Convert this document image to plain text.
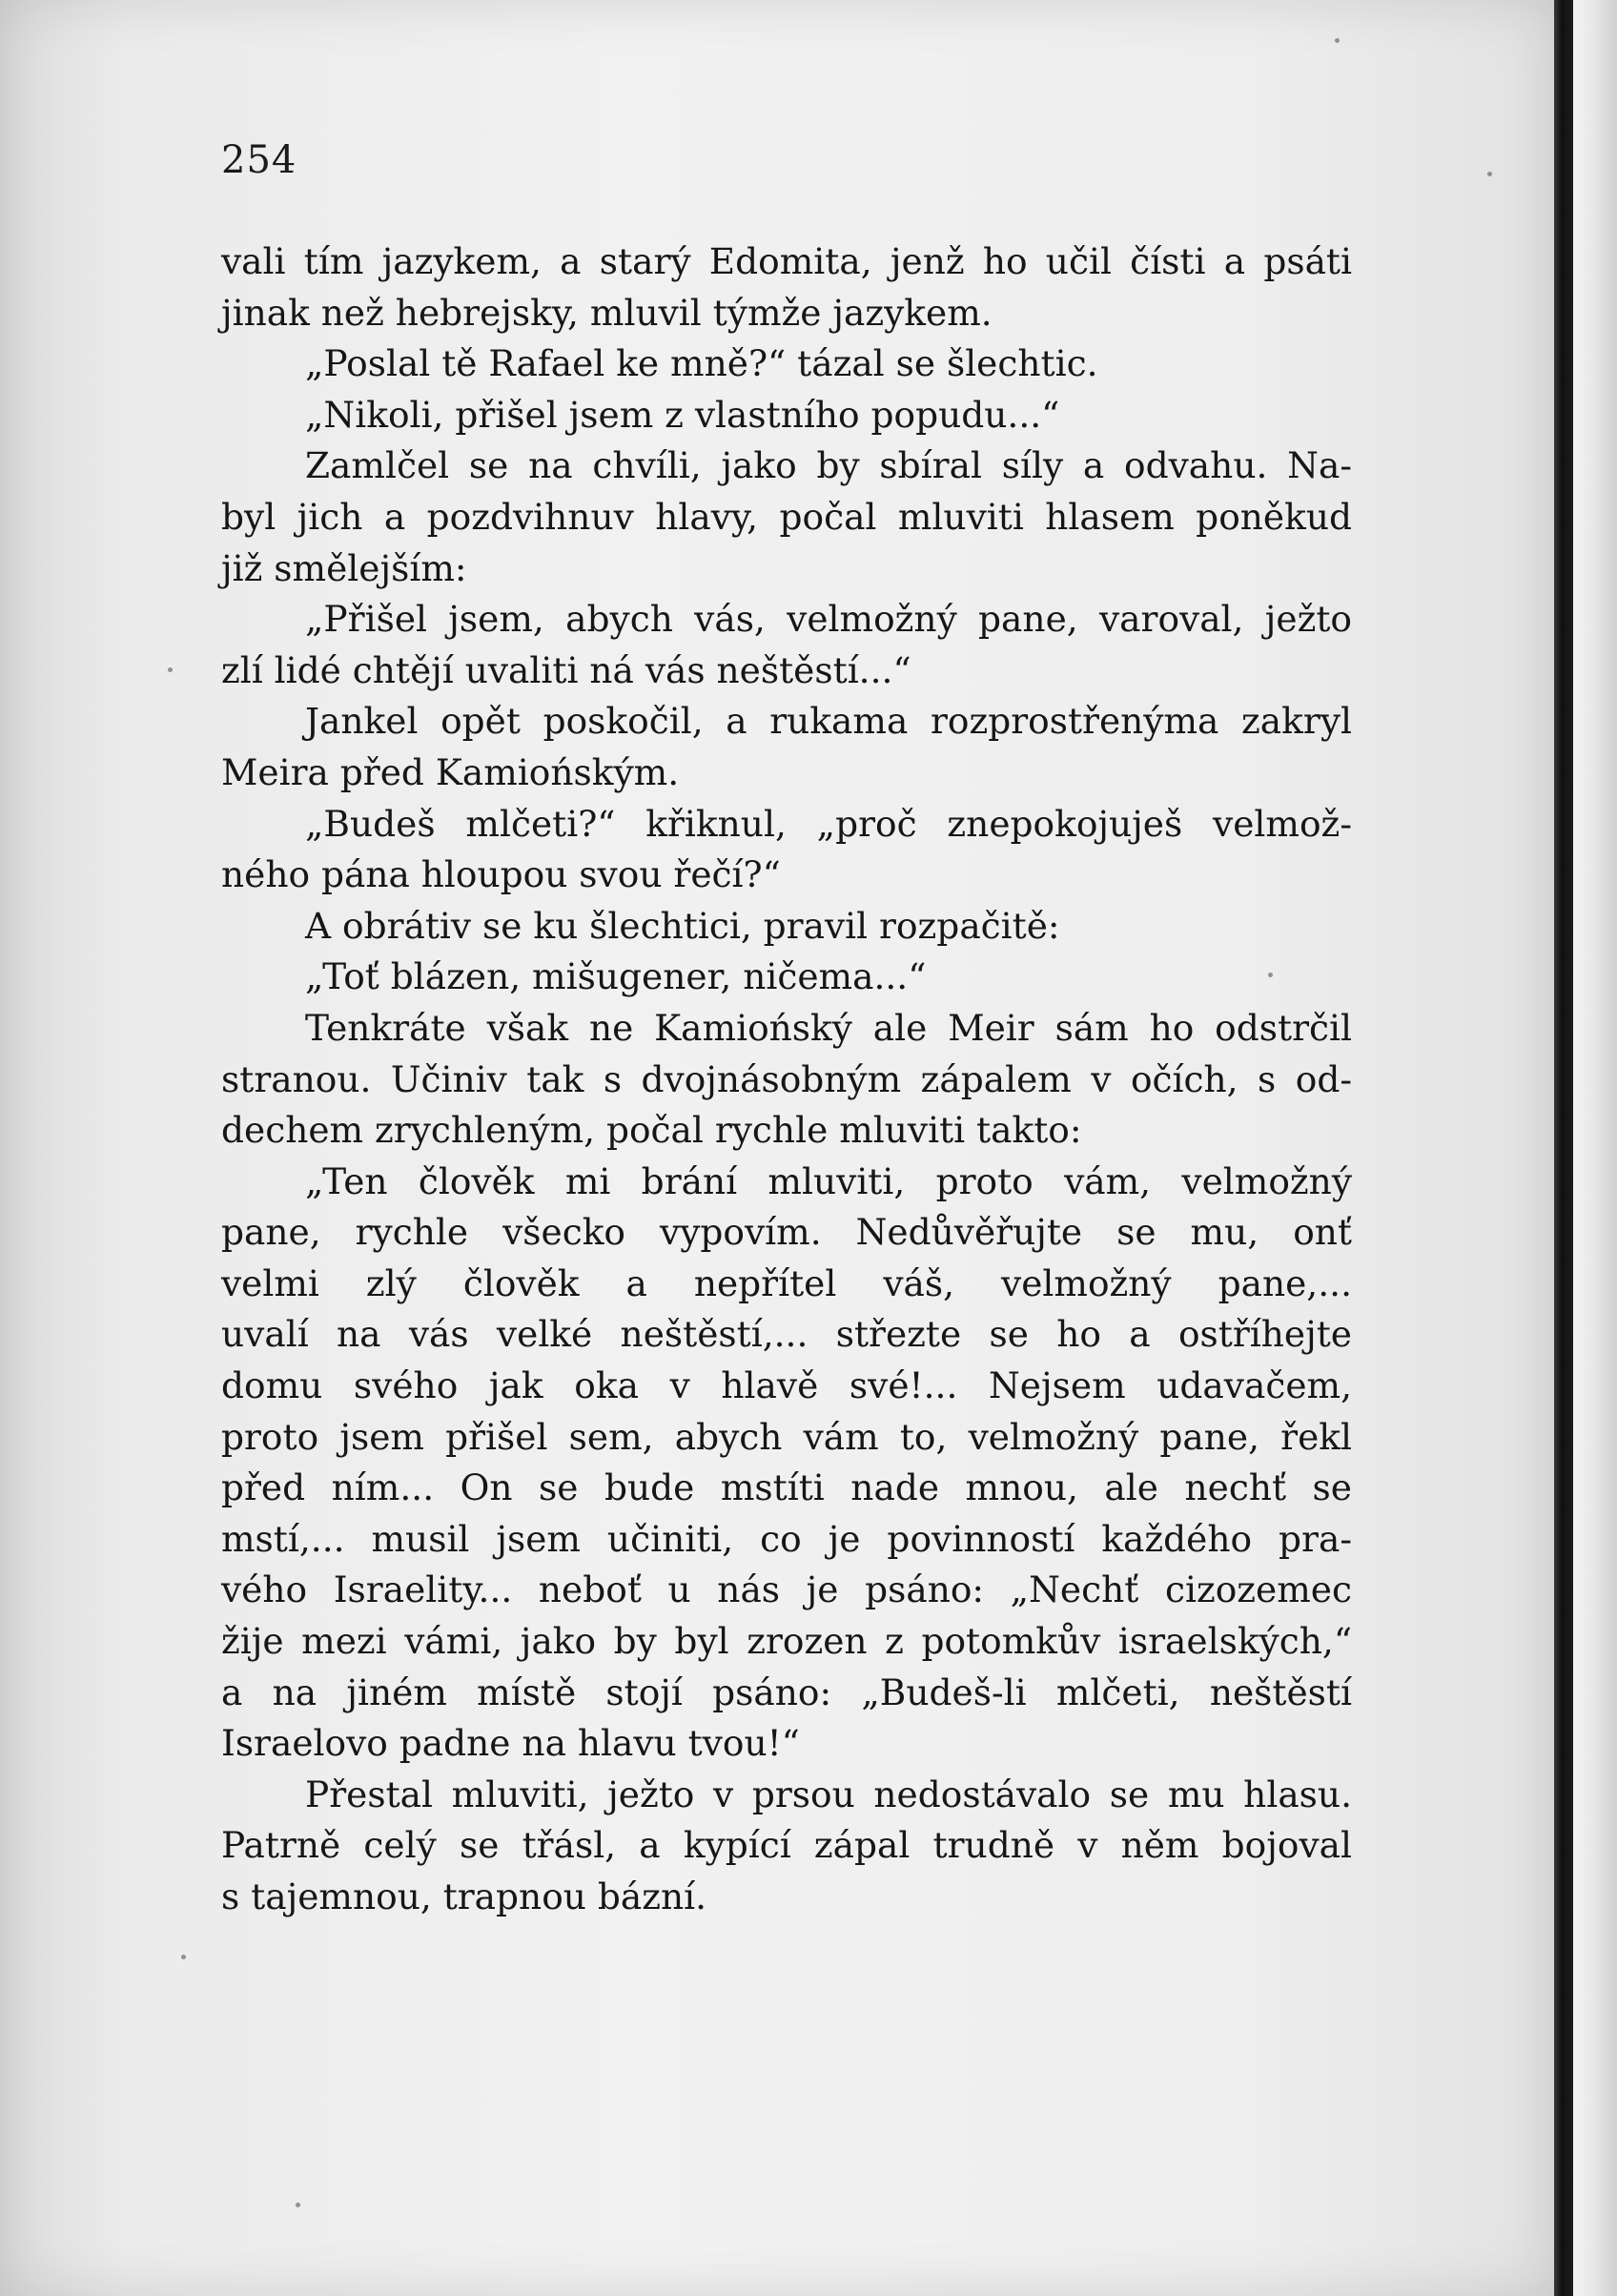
254
vali tím jazykem, a starý Edomita, jenž ho učil čísti a psáti
jinak než hebrejsky, mluvil týmže jazykem.
„Poslal tě Rafael ke mně?“ tázal se šlechtic.
„Nikoli, přišel jsem z vlastního popudu...“
Zamlčel se na chvíli, jako by sbíral síly a odvahu. Na-
byl jich a pozdvihnuv hlavy, počal mluviti hlasem poněkud
již smělejším:
„Přišel jsem, abych vás, velmožný pane, varoval, ježto
zlí lidé chtějí uvaliti ná vás neštěstí...“
Jankel opět poskočil, a rukama rozprostřenýma zakryl
Meira před Kamiońským.
„Budeš mlčeti?“ křiknul, „proč znepokojuješ velmož-
ného pána hloupou svou řečí?“
A obrátiv se ku šlechtici, pravil rozpačitě:
„Toť blázen, mišugener, ničema...“
Tenkráte však ne Kamiońský ale Meir sám ho odstrčil
stranou. Učiniv tak s dvojnásobným zápalem v očích, s od-
dechem zrychleným, počal rychle mluviti takto:
„Ten člověk mi brání mluviti, proto vám, velmožný
pane, rychle všecko vypovím. Nedůvěřujte se mu, onť
velmi zlý člověk a nepřítel váš, velmožný pane,...
uvalí na vás velké neštěstí,... střezte se ho a ostříhejte
domu svého jak oka v hlavě své!... Nejsem udavačem,
proto jsem přišel sem, abych vám to, velmožný pane, řekl
před ním... On se bude mstíti nade mnou, ale nechť se
mstí,... musil jsem učiniti, co je povinností každého pra-
vého Israelity... neboť u nás je psáno: „Nechť cizozemec
žije mezi vámi, jako by byl zrozen z potomkův israelských,“
a na jiném místě stojí psáno: „Budeš-li mlčeti, neštěstí
Israelovo padne na hlavu tvou!“
Přestal mluviti, ježto v prsou nedostávalo se mu hlasu.
Patrně celý se třásl, a kypící zápal trudně v něm bojoval
s tajemnou, trapnou bázní.
